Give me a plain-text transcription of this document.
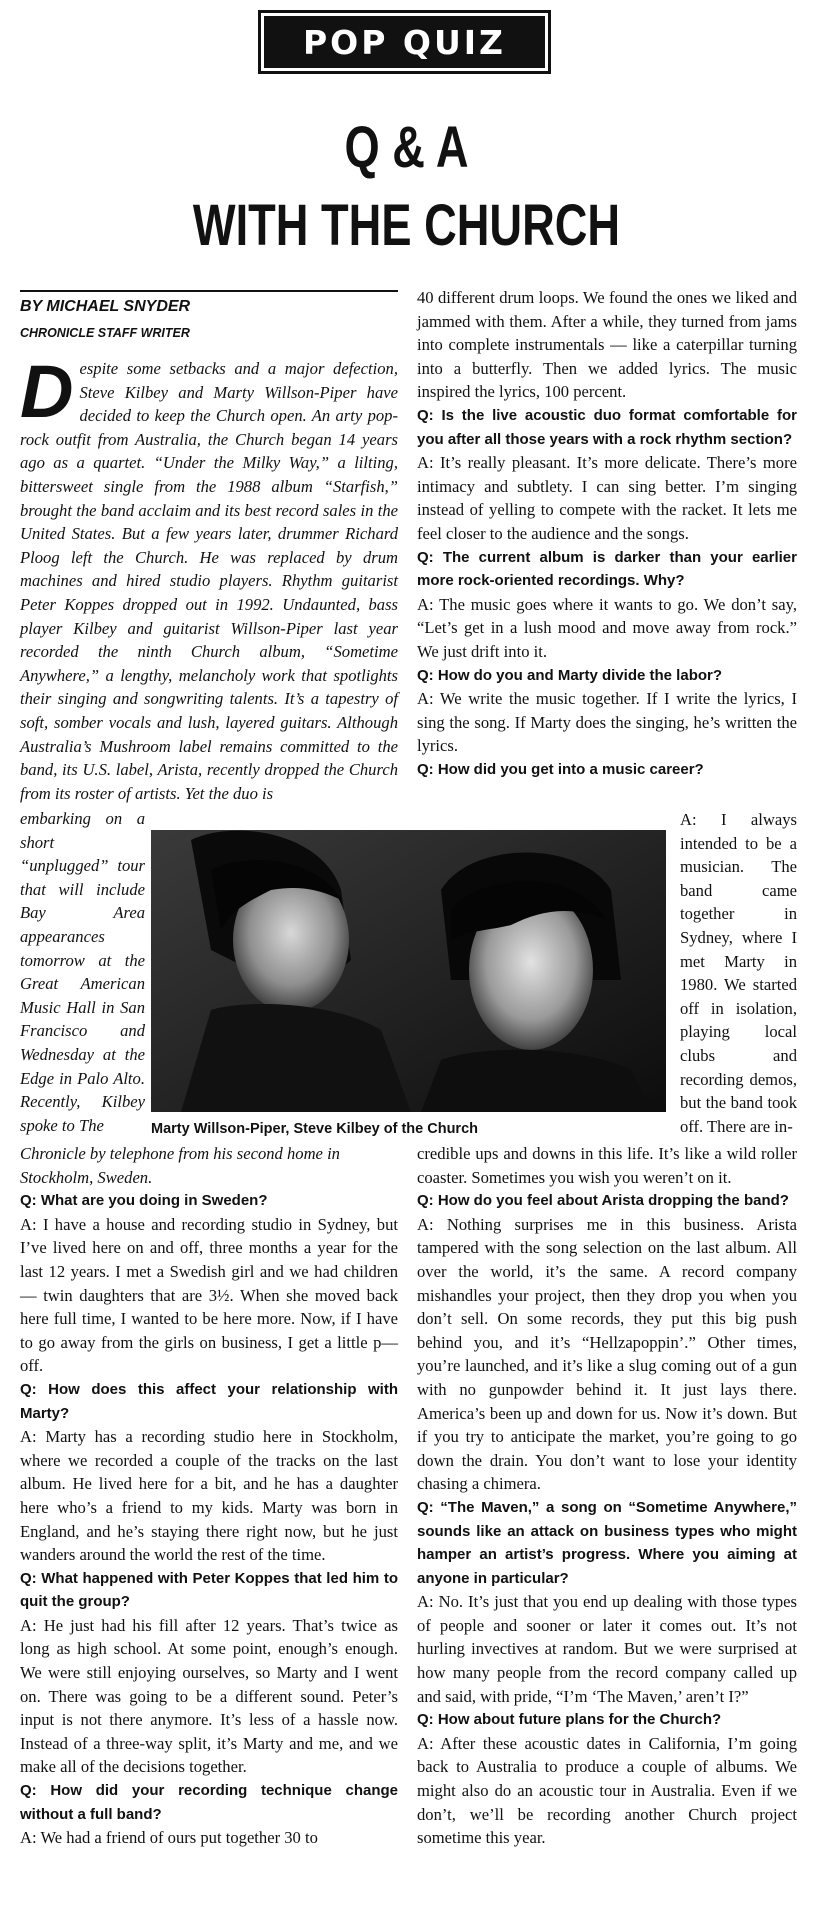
POP QUIZ
Q & A
WITH THE CHURCH
BY MICHAEL SNYDER
CHRONICLE STAFF WRITER
Despite some setbacks and a major defection, Steve Kilbey and Marty Willson-Piper have decided to keep the Church open. An arty pop-rock outfit from Australia, the Church began 14 years ago as a quartet. “Under the Milky Way,” a lilting, bittersweet single from the 1988 album “Starfish,” brought the band acclaim and its best record sales in the United States. But a few years later, drummer Richard Ploog left the Church. He was replaced by drum machines and hired studio players. Rhythm guitarist Peter Koppes dropped out in 1992. Undaunted, bass player Kilbey and guitarist Willson-Piper last year recorded the ninth Church album, “Sometime Anywhere,” a lengthy, melancholy work that spotlights their singing and songwriting talents. It’s a tapestry of soft, somber vocals and lush, layered guitars. Although Australia’s Mushroom label remains committed to the band, its U.S. label, Arista, recently dropped the Church from its roster of artists. Yet the duo is
embarking on a short “unplugged” tour that will include Bay Area appearances tomorrow at the Great American Music Hall in San Francisco and Wednesday at the Edge in Palo Alto. Recently, Kilbey spoke to The	Marty Willson-Piper, Steve Kilbey of the Church

Chronicle by telephone from his second home in Stockholm, Sweden.

Q: What are you doing in Sweden?

A: I have a house and recording studio in Sydney, but I’ve lived here on and off, three months a year for the last 12 years. I met a Swedish girl and we had children — twin daughters that are 3½. When she moved back here full time, I wanted to be here more. Now, if I have to go away from the girls on business, I get a little p— off.

Q: How does this affect your relationship with Marty?

A: Marty has a recording studio here in Stockholm, where we recorded a couple of the tracks on the last album. He lived here for a bit, and he has a daughter here who’s a friend to my kids. Marty was born in England, and he’s staying there right now, but he just wanders around the world the rest of the time.

Q: What happened with Peter Koppes that led him to quit the group?

A: He just had his fill after 12 years. That’s twice as long as high school. At some point, enough’s enough. We were still enjoying ourselves, so Marty and I went on. There was going to be a different sound. Peter’s input is not there anymore. It’s less of a hassle now. Instead of a three-way split, it’s Marty and me, and we make all of the decisions together.

Q: How did your recording technique change without a full band?

A: We had a friend of ours put together 30 to

40 different drum loops. We found the ones we liked and jammed with them. After a while, they turned from jams into complete instrumentals — like a caterpillar turning into a butterfly. Then we added lyrics. The music inspired the lyrics, 100 percent.

Q: Is the live acoustic duo format comfortable for you after all those years with a rock rhythm section?

A: It’s really pleasant. It’s more delicate. There’s more intimacy and subtlety. I can sing better. I’m singing instead of yelling to compete with the racket. It lets me feel closer to the audience and the songs.

Q: The current album is darker than your earlier more rock-oriented recordings. Why?

A: The music goes where it wants to go. We don’t say, “Let’s get in a lush mood and move away from rock.” We just drift into it.

Q: How do you and Marty divide the labor?

A: We write the music together. If I write the lyrics, I sing the song. If Marty does the singing, he’s written the lyrics.

Q: How did you get into a music career?

A: I always intended to be a musician. The band came together in Sydney, where I met Marty in 1980. We started off in isolation, playing local clubs and recording demos, but the band took off. There are in-

credible ups and downs in this life. It’s like a wild roller coaster. Sometimes you wish you weren’t on it.

Q: How do you feel about Arista dropping the band?

A: Nothing surprises me in this business. Arista tampered with the song selection on the last album. All over the world, it’s the same. A record company mishandles your project, then they drop you when you don’t sell. On some records, they put this big push behind you, and it’s “Hellzapoppin’.” Other times, you’re launched, and it’s like a slug coming out of a gun with no gunpowder behind it. It just lays there. America’s been up and down for us. Now it’s down. But if you try to anticipate the market, you’re going to go down the drain. You don’t want to lose your identity chasing a chimera.

Q: “The Maven,” a song on “Sometime Anywhere,” sounds like an attack on business types who might hamper an artist’s progress. Where you aiming at anyone in particular?

A: No. It’s just that you end up dealing with those types of people and sooner or later it comes out. It’s not hurling invectives at random. But we were surprised at how many people from the record company called up and said, with pride, “I’m ‘The Maven,’ aren’t I?”

Q: How about future plans for the Church?

A: After these acoustic dates in California, I’m going back to Australia to produce a couple of albums. We might also do an acoustic tour in Australia. Even if we don’t, we’ll be recording another Church project sometime this year.
